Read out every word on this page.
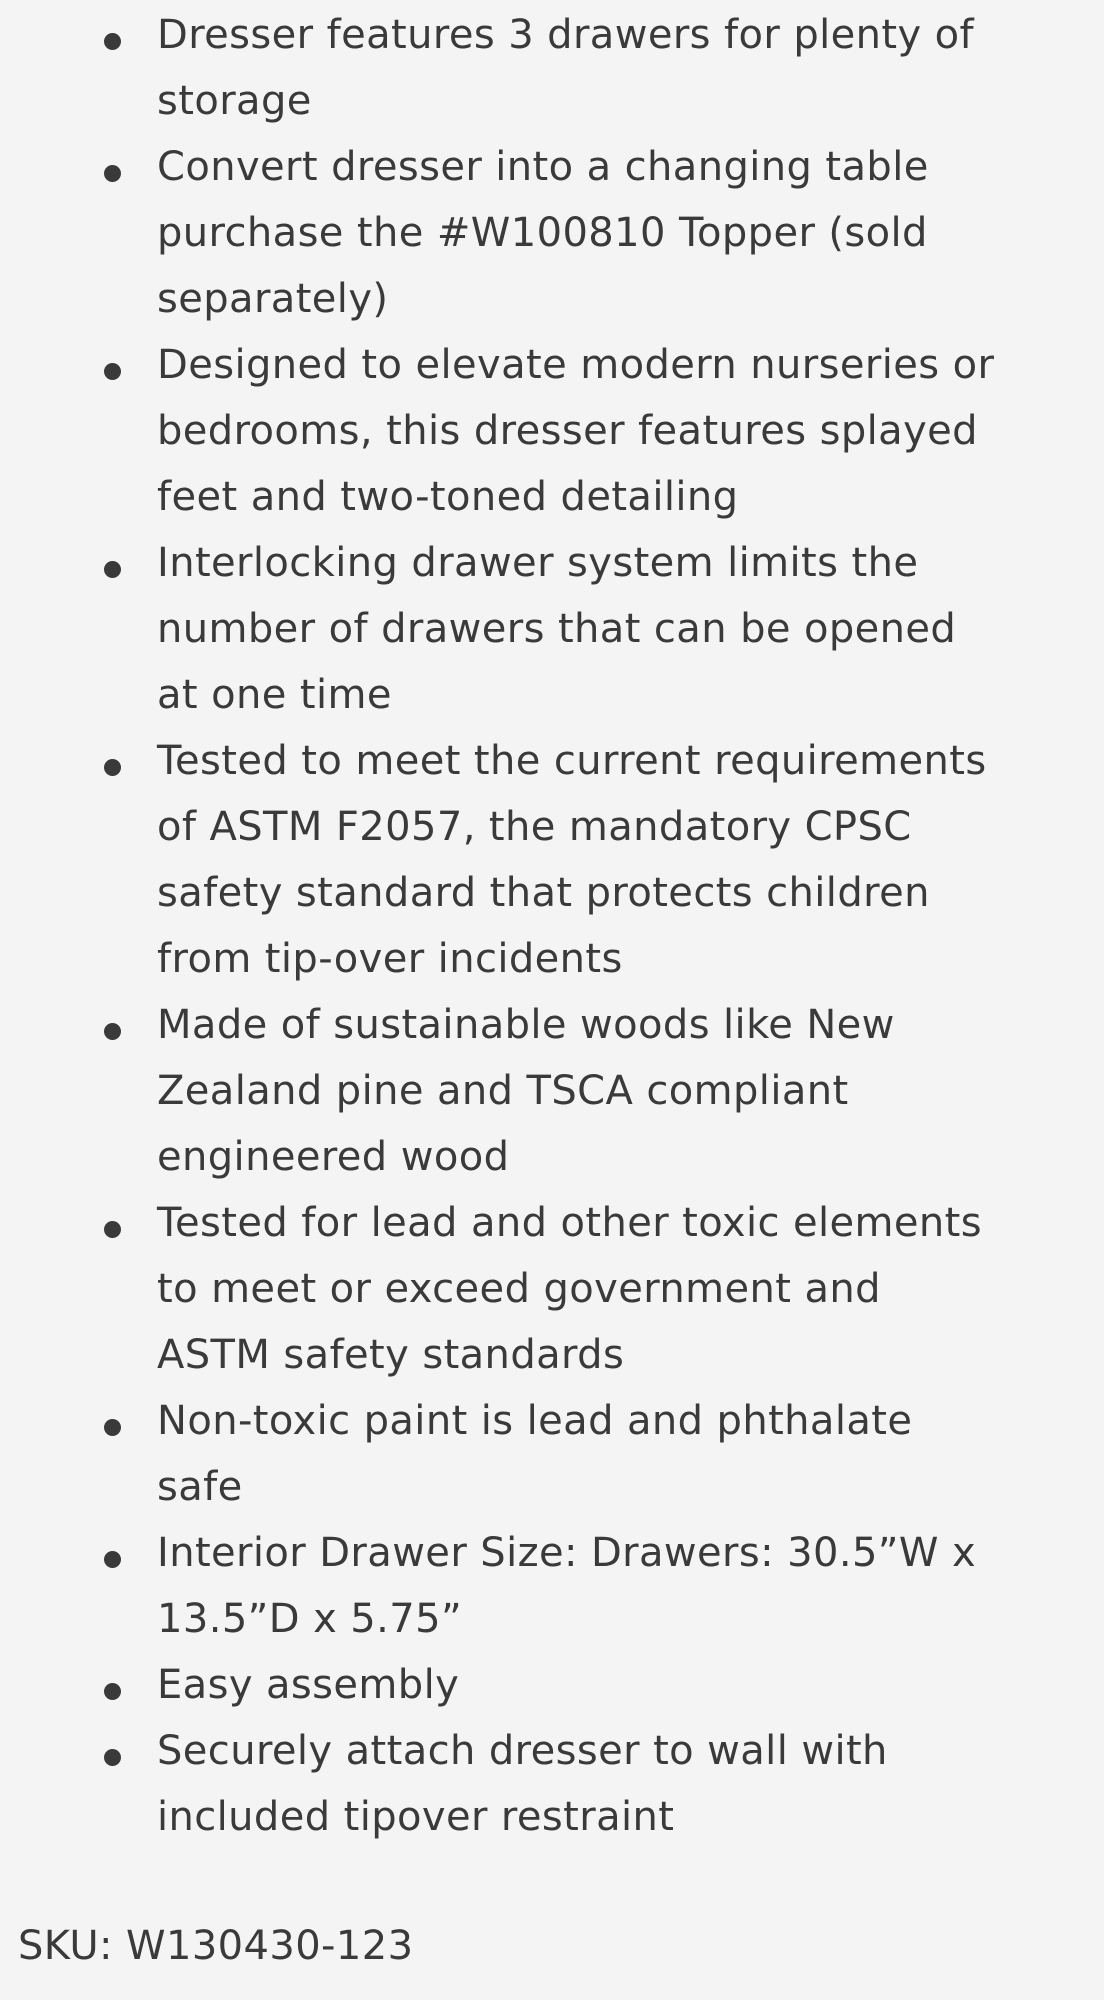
Dresser features 3 drawers for plenty of
storage
Convert dresser into a changing table
purchase the #W100810 Topper (sold
separately)
Designed to elevate modern nurseries or
bedrooms, this dresser features splayed
feet and two-toned detailing
Interlocking drawer system limits the
number of drawers that can be opened
at one time
Tested to meet the current requirements
of ASTM F2057, the mandatory CPSC
safety standard that protects children
from tip-over incidents
Made of sustainable woods like New
Zealand pine and TSCA compliant
engineered wood
Tested for lead and other toxic elements
to meet or exceed government and
ASTM safety standards
Non-toxic paint is lead and phthalate
safe
Interior Drawer Size: Drawers: 30.5”W x
13.5”D x 5.75”
Easy assembly
Securely attach dresser to wall with
included tipover restraint
SKU: W130430-123
